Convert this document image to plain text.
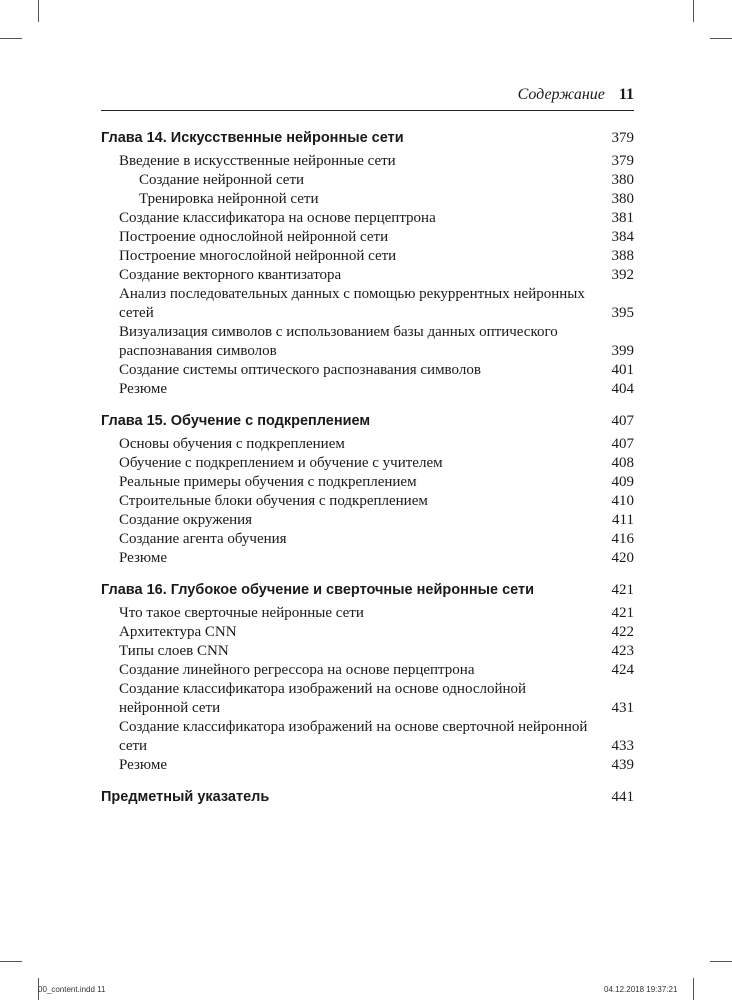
Содержание 11
Глава 14. Искусственные нейронные сети	379
Введение в искусственные нейронные сети	379
Создание нейронной сети	380
Тренировка нейронной сети	380
Создание классификатора на основе перцептрона	381
Построение однослойной нейронной сети	384
Построение многослойной нейронной сети	388
Создание векторного квантизатора	392
Анализ последовательных данных с помощью рекуррентных нейронных сетей	395
Визуализация символов с использованием базы данных оптического распознавания символов	399
Создание системы оптического распознавания символов	401
Резюме	404
Глава 15. Обучение с подкреплением	407
Основы обучения с подкреплением	407
Обучение с подкреплением и обучение с учителем	408
Реальные примеры обучения с подкреплением	409
Строительные блоки обучения с подкреплением	410
Создание окружения	411
Создание агента обучения	416
Резюме	420
Глава 16. Глубокое обучение и сверточные нейронные сети	421
Что такое сверточные нейронные сети	421
Архитектура CNN	422
Типы слоев CNN	423
Создание линейного регрессора на основе перцептрона	424
Создание классификатора изображений на основе однослойной нейронной сети	431
Создание классификатора изображений на основе сверточной нейронной сети	433
Резюме	439
Предметный указатель	441
00_content.indd 11	04.12.2018 19:37:21
